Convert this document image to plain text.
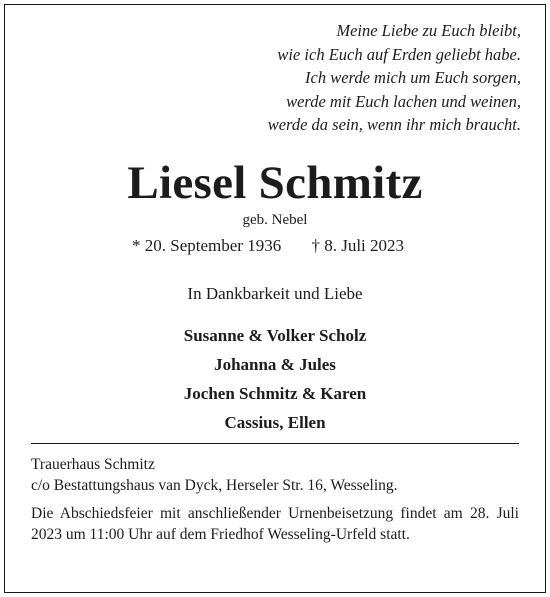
Meine Liebe zu Euch bleibt,
wie ich Euch auf Erden geliebt habe.
Ich werde mich um Euch sorgen,
werde mit Euch lachen und weinen,
werde da sein, wenn ihr mich braucht.
Liesel Schmitz
geb. Nebel
* 20. September 1936 † 8. Juli 2023
In Dankbarkeit und Liebe
Susanne & Volker Scholz
Johanna & Jules
Jochen Schmitz & Karen
Cassius, Ellen
Trauerhaus Schmitz
c/o Bestattungshaus van Dyck, Herseler Str. 16, Wesseling.
Die Abschiedsfeier mit anschließender Urnenbeisetzung findet am 28. Juli 2023 um 11:00 Uhr auf dem Friedhof Wesseling-Urfeld statt.
